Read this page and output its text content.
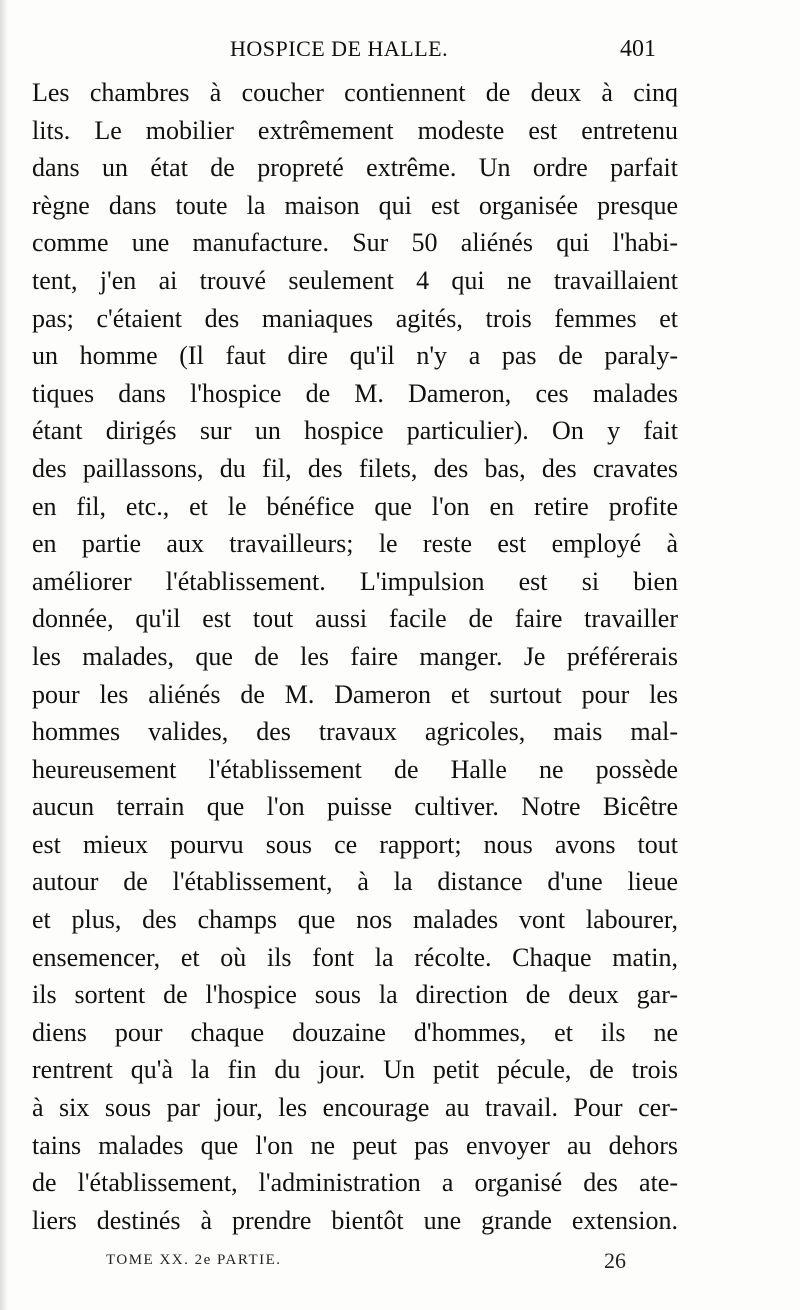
HOSPICE DE HALLE.	401
Les chambres à coucher contiennent de deux à cinq
lits. Le mobilier extrêmement modeste est entretenu
dans un état de propreté extrême. Un ordre parfait
règne dans toute la maison qui est organisée presque
comme une manufacture. Sur 50 aliénés qui l'habi-
tent, j'en ai trouvé seulement 4 qui ne travaillaient
pas; c'étaient des maniaques agités, trois femmes et
un homme (Il faut dire qu'il n'y a pas de paraly-
tiques dans l'hospice de M. Dameron, ces malades
étant dirigés sur un hospice particulier). On y fait
des paillassons, du fil, des filets, des bas, des cravates
en fil, etc., et le bénéfice que l'on en retire profite
en partie aux travailleurs; le reste est employé à
améliorer l'établissement. L'impulsion est si bien
donnée, qu'il est tout aussi facile de faire travailler
les malades, que de les faire manger. Je préférerais
pour les aliénés de M. Dameron et surtout pour les
hommes valides, des travaux agricoles, mais mal-
heureusement l'établissement de Halle ne possède
aucun terrain que l'on puisse cultiver. Notre Bicêtre
est mieux pourvu sous ce rapport; nous avons tout
autour de l'établissement, à la distance d'une lieue
et plus, des champs que nos malades vont labourer,
ensemencer, et où ils font la récolte. Chaque matin,
ils sortent de l'hospice sous la direction de deux gar-
diens pour chaque douzaine d'hommes, et ils ne
rentrent qu'à la fin du jour. Un petit pécule, de trois
à six sous par jour, les encourage au travail. Pour cer-
tains malades que l'on ne peut pas envoyer au dehors
de l'établissement, l'administration a organisé des ate-
liers destinés à prendre bientôt une grande extension.
TOME XX. 2e PARTIE.	26
